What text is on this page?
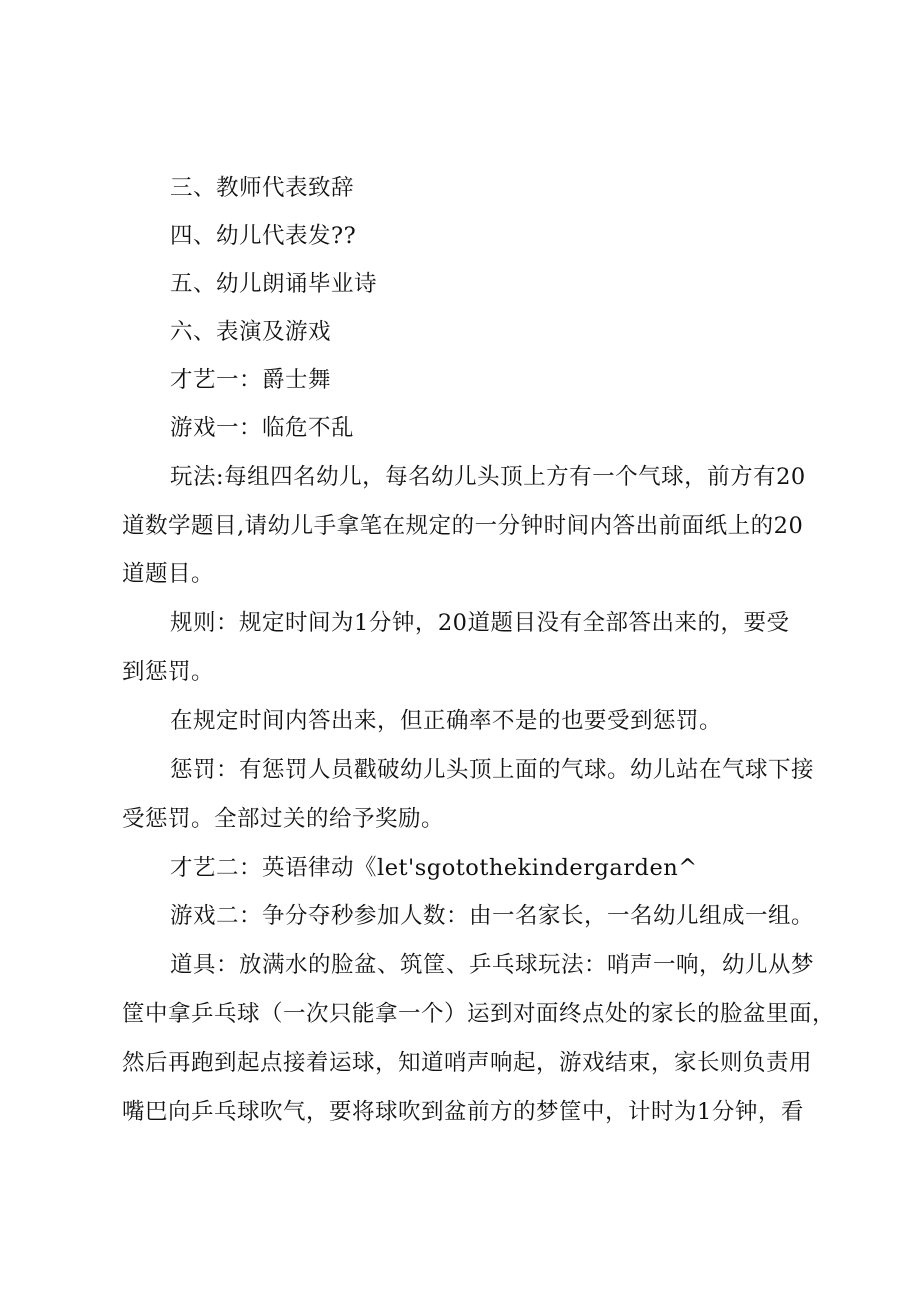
三、教师代表致辞
四、幼儿代表发??
五、幼儿朗诵毕业诗
六、表演及游戏
才艺一：爵士舞
游戏一：临危不乱
玩法:每组四名幼儿，每名幼儿头顶上方有一个气球，前方有20
道数学题目,请幼儿手拿笔在规定的一分钟时间内答出前面纸上的20
道题目。
规则：规定时间为1分钟，20道题目没有全部答出来的，要受
到惩罚。
在规定时间内答出来，但正确率不是的也要受到惩罚。
惩罚：有惩罚人员戳破幼儿头顶上面的气球。幼儿站在气球下接
受惩罚。全部过关的给予奖励。
才艺二：英语律动《let'sgotothekindergarden^
游戏二：争分夺秒参加人数：由一名家长，一名幼儿组成一组。
道具：放满水的脸盆、筑筐、乒乓球玩法：哨声一响，幼儿从梦
筐中拿乒乓球（一次只能拿一个）运到对面终点处的家长的脸盆里面，
然后再跑到起点接着运球，知道哨声响起，游戏结束，家长则负责用
嘴巴向乒乓球吹气，要将球吹到盆前方的梦筐中，计时为1分钟，看
